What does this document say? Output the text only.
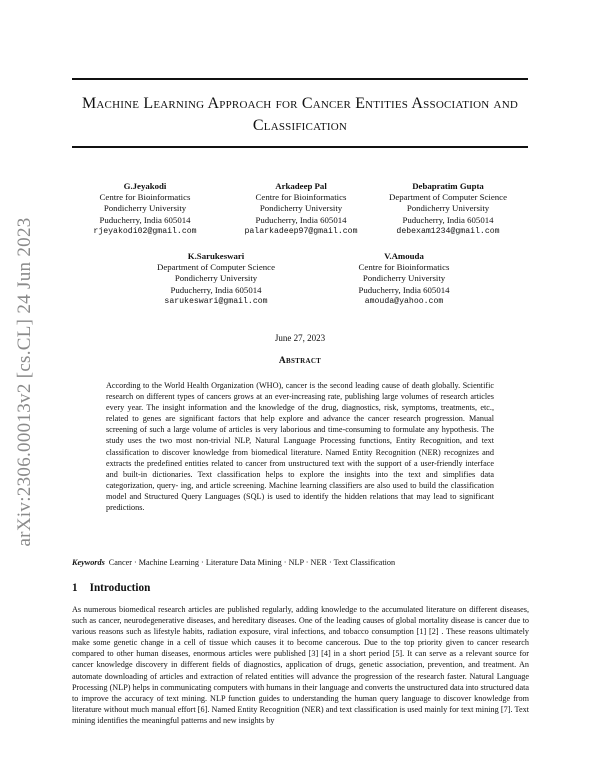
arXiv:2306.00013v2 [cs.CL] 24 Jun 2023
Machine Learning Approach for Cancer Entities Association and Classification
G.Jeyakodi
Centre for Bioinformatics
Pondicherry University
Puducherry, India 605014
rjeyakodi02@gmail.com
Arkadeep Pal
Centre for Bioinformatics
Pondicherry University
Puducherry, India 605014
palarkadeep97@gmail.com
Debapratim Gupta
Department of Computer Science
Pondicherry University
Puducherry, India 605014
debexam1234@gmail.com
K.Sarukeswari
Department of Computer Science
Pondicherry University
Puducherry, India 605014
sarukeswari@gmail.com
V.Amouda
Centre for Bioinformatics
Pondicherry University
Puducherry, India 605014
amouda@yahoo.com
June 27, 2023
Abstract
According to the World Health Organization (WHO), cancer is the second leading cause of death globally. Scientific research on different types of cancers grows at an ever-increasing rate, publishing large volumes of research articles every year. The insight information and the knowledge of the drug, diagnostics, risk, symptoms, treatments, etc., related to genes are significant factors that help explore and advance the cancer research progression. Manual screening of such a large volume of articles is very laborious and time-consuming to formulate any hypothesis. The study uses the two most non-trivial NLP, Natural Language Processing functions, Entity Recognition, and text classification to discover knowledge from biomedical literature. Named Entity Recognition (NER) recognizes and extracts the predefined entities related to cancer from unstructured text with the support of a user-friendly interface and built-in dictionaries. Text classification helps to explore the insights into the text and simplifies data categorization, query- ing, and article screening. Machine learning classifiers are also used to build the classification model and Structured Query Languages (SQL) is used to identify the hidden relations that may lead to significant predictions.
Keywords Cancer · Machine Learning · Literature Data Mining · NLP · NER · Text Classification
1 Introduction
As numerous biomedical research articles are published regularly, adding knowledge to the accumulated literature on different diseases, such as cancer, neurodegenerative diseases, and hereditary diseases. One of the leading causes of global mortality disease is cancer due to various reasons such as lifestyle habits, radiation exposure, viral infections, and tobacco consumption [1] [2] . These reasons ultimately make some genetic change in a cell of tissue which causes it to become cancerous. Due to the top priority given to cancer research compared to other human diseases, enormous articles were published [3] [4] in a short period [5]. It can serve as a relevant source for cancer knowledge discovery in different fields of diagnostics, application of drugs, genetic association, prevention, and treatment. An automate downloading of articles and extraction of related entities will advance the progression of the research faster. Natural Language Processing (NLP) helps in communicating computers with humans in their language and converts the unstructured data into structured data to improve the accuracy of text mining. NLP function guides to understanding the human query language to discover knowledge from literature without much manual effort [6]. Named Entity Recognition (NER) and text classification is used mainly for text mining [7]. Text mining identifies the meaningful patterns and new insights by
